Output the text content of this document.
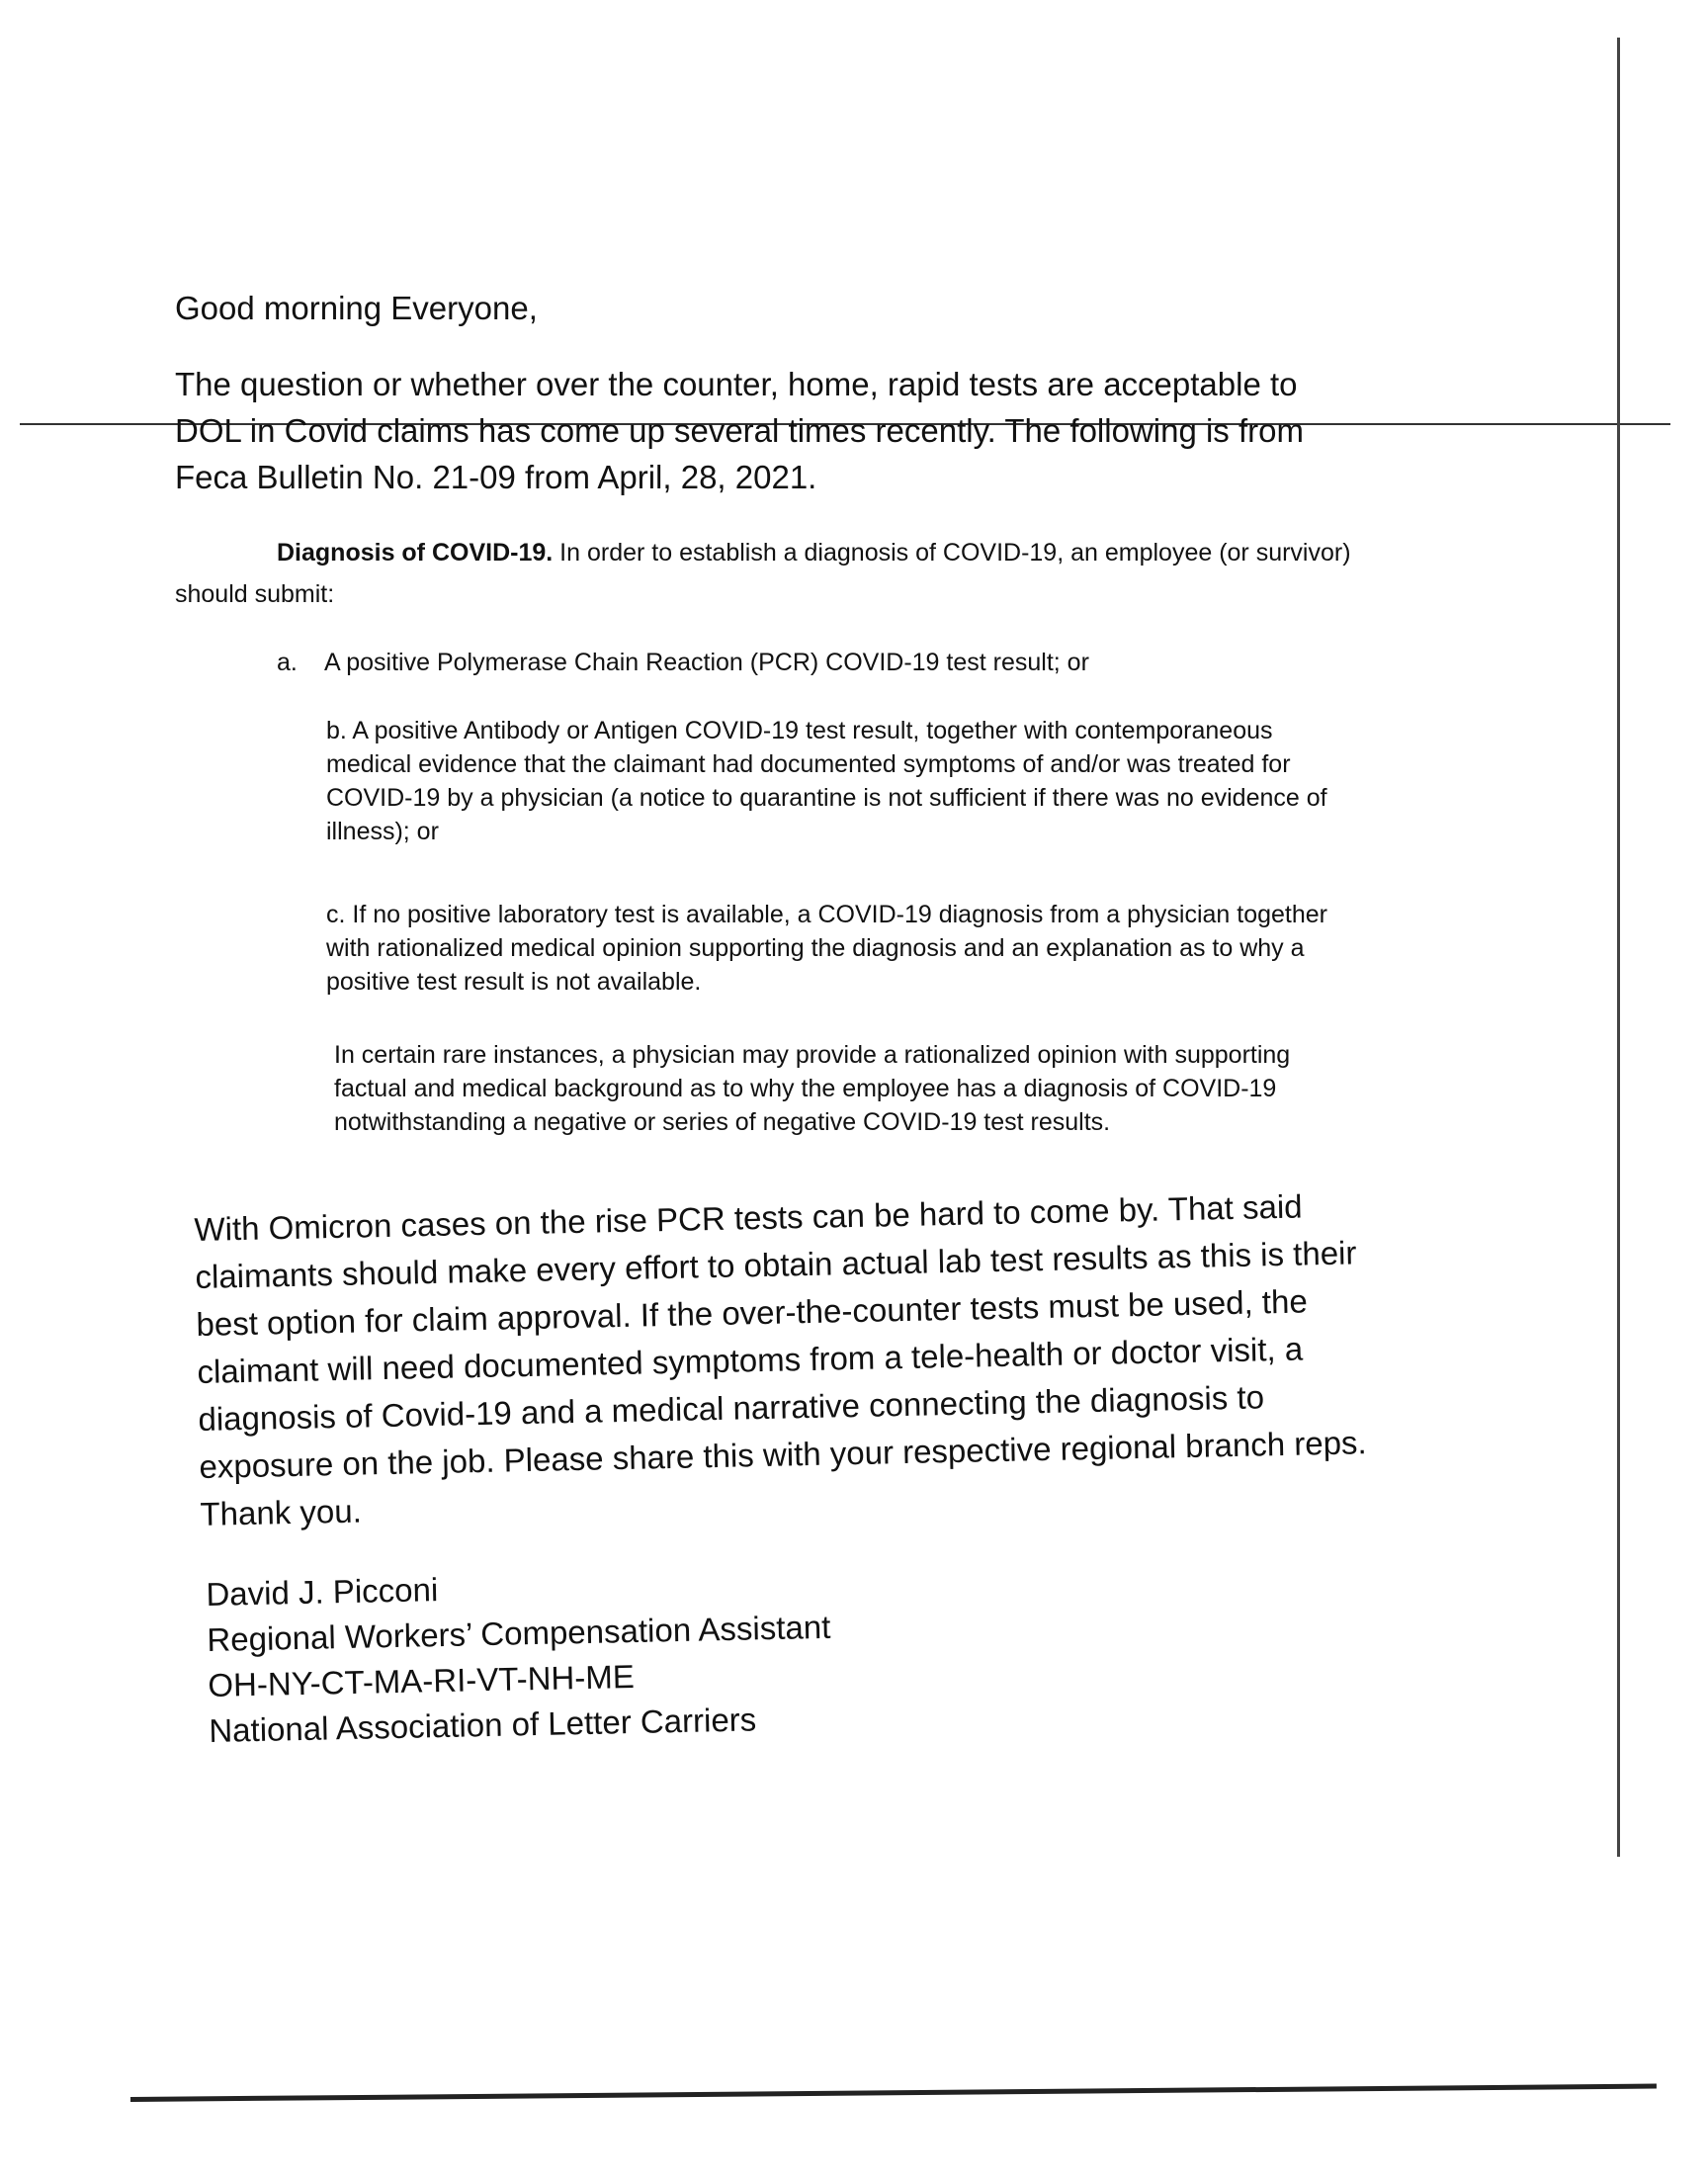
Good morning Everyone,
The question or whether over the counter, home, rapid tests are acceptable to
DOL in Covid claims has come up several times recently. The following is from
Feca Bulletin No. 21-09 from April, 28, 2021.
Diagnosis of COVID-19. In order to establish a diagnosis of COVID-19, an employee (or survivor)
should submit:
a. A positive Polymerase Chain Reaction (PCR) COVID-19 test result; or
b. A positive Antibody or Antigen COVID-19 test result, together with contemporaneous
medical evidence that the claimant had documented symptoms of and/or was treated for
COVID-19 by a physician (a notice to quarantine is not sufficient if there was no evidence of
illness); or
c. If no positive laboratory test is available, a COVID-19 diagnosis from a physician together
with rationalized medical opinion supporting the diagnosis and an explanation as to why a
positive test result is not available.
In certain rare instances, a physician may provide a rationalized opinion with supporting
factual and medical background as to why the employee has a diagnosis of COVID-19
notwithstanding a negative or series of negative COVID-19 test results.
With Omicron cases on the rise PCR tests can be hard to come by. That said
claimants should make every effort to obtain actual lab test results as this is their
best option for claim approval. If the over-the-counter tests must be used, the
claimant will need documented symptoms from a tele-health or doctor visit, a
diagnosis of Covid-19 and a medical narrative connecting the diagnosis to
exposure on the job. Please share this with your respective regional branch reps.
Thank you.
David J. Picconi
Regional Workers’ Compensation Assistant
OH-NY-CT-MA-RI-VT-NH-ME
National Association of Letter Carriers
